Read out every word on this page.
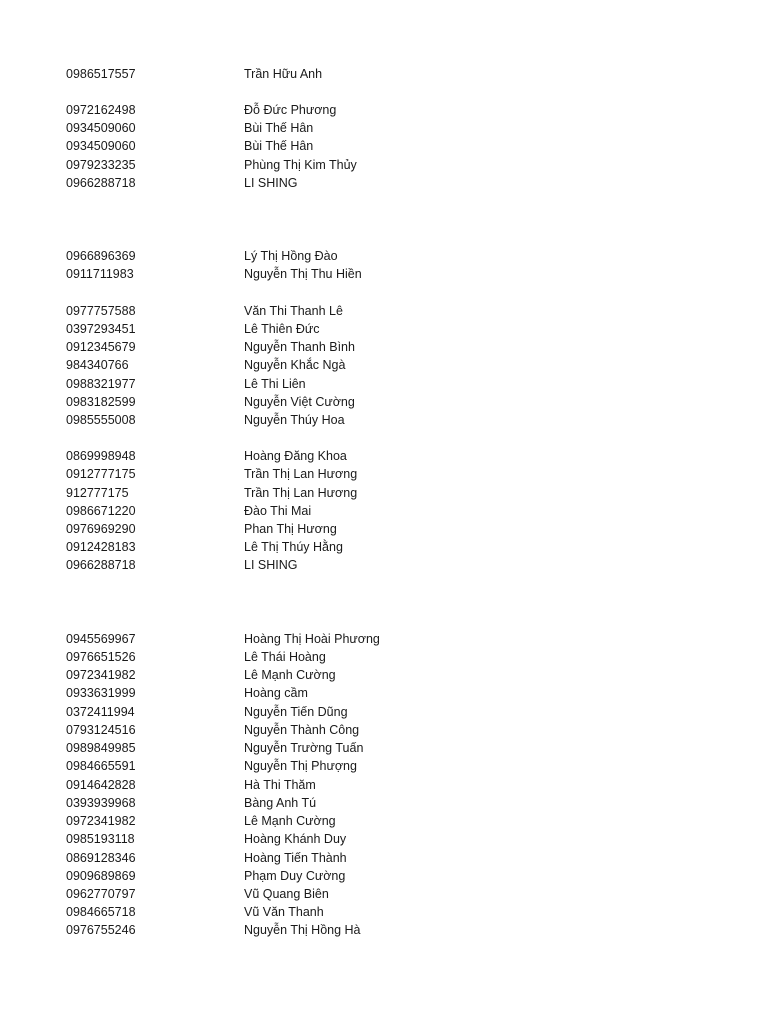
0986517557	Trần Hữu Anh
0972162498	Đỗ Đức Phương
0934509060	Bùi Thế Hân
0934509060	Bùi Thế Hân
0979233235	Phùng Thị Kim Thủy
0966288718	LI SHING
0966896369	Lý Thị Hồng Đào
0911711983	Nguyễn Thị Thu Hiền
0977757588	Văn Thi Thanh Lê
0397293451	Lê Thiên Đức
0912345679	Nguyễn Thanh Bình
984340766	Nguyễn Khắc Ngà
0988321977	Lê Thi Liên
0983182599	Nguyễn Việt Cường
0985555008	Nguyễn Thúy Hoa
0869998948	Hoàng Đăng Khoa
0912777175	Trần Thị Lan Hương
912777175	Trần Thị Lan Hương
0986671220	Đào Thi Mai
0976969290	Phan Thị Hương
0912428183	Lê Thị Thúy Hằng
0966288718	LI SHING
0945569967	Hoàng Thị Hoài Phương
0976651526	Lê Thái Hoàng
0972341982	Lê Mạnh Cường
0933631999	Hoàng cầm
0372411994	Nguyễn Tiến Dũng
0793124516	Nguyễn Thành Công
0989849985	Nguyễn Trường Tuấn
0984665591	Nguyễn Thị Phượng
0914642828	Hà Thi Thăm
0393939968	Bàng Anh Tú
0972341982	Lê Mạnh Cường
0985193118	Hoàng Khánh Duy
0869128346	Hoàng Tiến Thành
0909689869	Phạm Duy Cường
0962770797	Vũ Quang Biên
0984665718	Vũ Văn Thanh
0976755246	Nguyễn Thị Hồng Hà
